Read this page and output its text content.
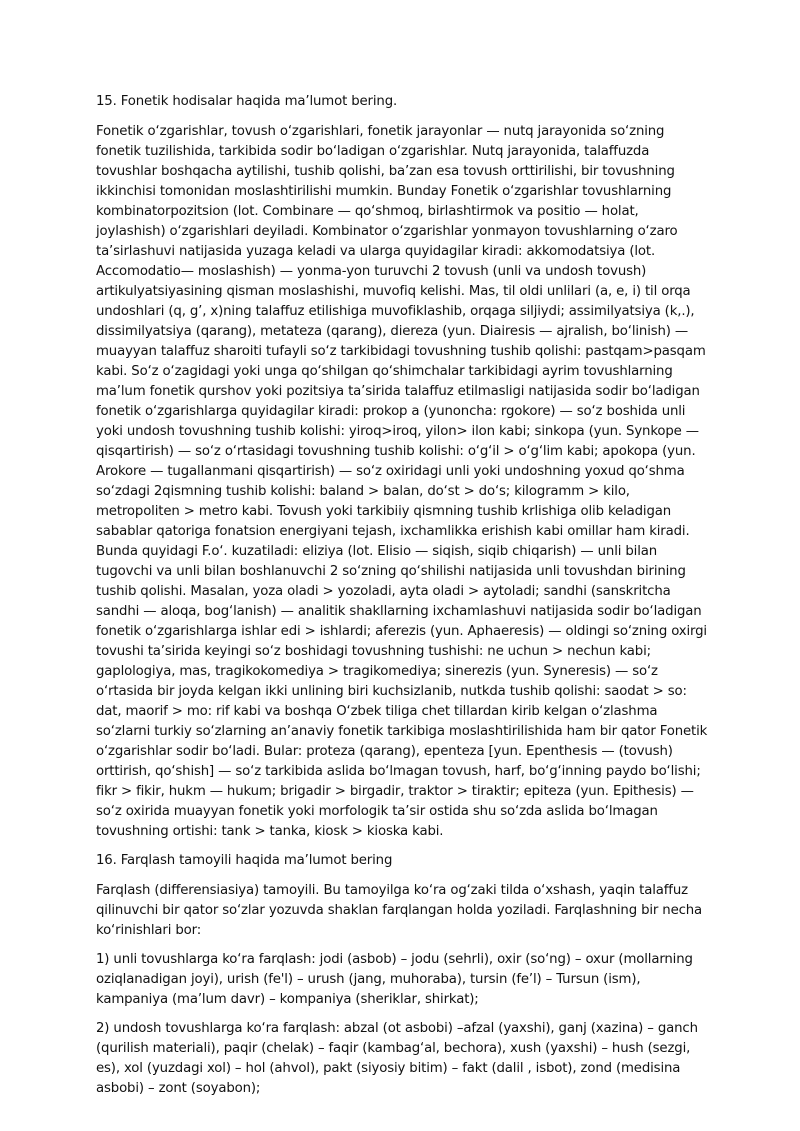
15. Fonetik hodisalar haqida ma’lumot bering.

Fonetik o‘zgarishlar, tovush o‘zgarishlari, fonetik jarayonlar — nutq jarayonida so‘zning fonetik tuzilishida, tarkibida sodir bo‘ladigan o‘zgarishlar. Nutq jarayonida, talaffuzda tovushlar boshqacha aytilishi, tushib qolishi, ba’zan esa tovush orttirilishi, bir tovushning ikkinchisi tomonidan moslashtirilishi mumkin. Bunday Fonetik o‘zgarishlar tovushlarning kombinatorpozitsion (lot. Combinare — qo‘shmoq, birlashtirmok va positio — holat, joylashish) o‘zgarishlari deyiladi. Kombinator o‘zgarishlar yonmayon tovushlarning o‘zaro ta’sirlashuvi natijasida yuzaga keladi va ularga quyidagilar kiradi: akkomodatsiya (lot. Accomodatio— moslashish) — yonma-yon turuvchi 2 tovush (unli va undosh tovush) artikulyatsiyasining qisman moslashishi, muvofiq kelishi. Mas, til oldi unlilari (a, e, i) til orqa undoshlari (q, g’, x)ning talaffuz etilishiga muvofiklashib, orqaga siljiydi; assimilyatsiya (k,.), dissimilyatsiya (qarang), metateza (qarang), diereza (yun. Diairesis — ajralish, bo‘linish) — muayyan talaffuz sharoiti tufayli so‘z tarkibidagi tovushning tushib qolishi: pastqam>pasqam kabi. So‘z o‘zagidagi yoki unga qo‘shilgan qo‘shimchalar tarkibidagi ayrim tovushlarning ma’lum fonetik qurshov yoki pozitsiya ta’sirida talaffuz etilmasligi natijasida sodir bo‘ladigan fonetik o‘zgarishlarga quyidagilar kiradi: prokop a (yunoncha: rgokore) — so‘z boshida unli yoki undosh tovushning tushib kolishi: yiroq>iroq, yilon> ilon kabi; sinkopa (yun. Synkope — qisqartirish) — so‘z o‘rtasidagi tovushning tushib kolishi: o‘g‘il > o‘g‘lim kabi; apokopa (yun. Arokore — tugallanmani qisqartirish) — so‘z oxiridagi unli yoki undoshning yoxud qo‘shma so‘zdagi 2qismning tushib kolishi: baland > balan, do‘st > do‘s; kilogramm > kilo, metropoliten > metro kabi. Tovush yoki tarkibiiy qismning tushib krlishiga olib keladigan sabablar qatoriga fonatsion energiyani tejash, ixchamlikka erishish kabi omillar ham kiradi. Bunda quyidagi F.o‘. kuzatiladi: eliziya (lot. Elisio — siqish, siqib chiqarish) — unli bilan tugovchi va unli bilan boshlanuvchi 2 so‘zning qo‘shilishi natijasida unli tovushdan birining tushib qolishi. Masalan, yoza oladi > yozoladi, ayta oladi > aytoladi; sandhi (sanskritcha sandhi — aloqa, bog‘lanish) — analitik shakllarning ixchamlashuvi natijasida sodir bo‘ladigan fonetik o‘zgarishlarga ishlar edi > ishlardi; aferezis (yun. Aphaeresis) — oldingi so‘zning oxirgi tovushi ta’sirida keyingi so‘z boshidagi tovushning tushishi: ne uchun > nechun kabi; gaplologiya, mas, tragikokomediya > tragikomediya; sinerezis (yun. Syneresis) — so‘z o‘rtasida bir joyda kelgan ikki unlining biri kuchsizlanib, nutkda tushib qolishi: saodat > so: dat, maorif > mo: rif kabi va boshqa O‘zbek tiliga chet tillardan kirib kelgan o‘zlashma so‘zlarni turkiy so‘zlarning an’anaviy fonetik tarkibiga moslashtirilishida ham bir qator Fonetik o‘zgarishlar sodir bo‘ladi. Bular: proteza (qarang), epenteza [yun. Epenthesis — (tovush) orttirish, qo‘shish] — so‘z tarkibida aslida bo‘lmagan tovush, harf, bo‘g‘inning paydo bo‘lishi; fikr > fikir, hukm — hukum; brigadir > birgadir, traktor > tiraktir; epiteza (yun. Epithesis) — so‘z oxirida muayyan fonetik yoki morfologik ta’sir ostida shu so‘zda aslida bo‘lmagan tovushning ortishi: tank > tanka, kiosk > kioska kabi.

16. Farqlash tamoyili haqida ma’lumot bering

Farqlash (differensiasiya) tamoyili. Bu tamoyilga ko‘ra og‘zaki tilda o‘xshash, yaqin talaffuz qilinuvchi bir qator so‘zlar yozuvda shaklan farqlangan holda yoziladi. Farqlashning bir necha ko‘rinishlari bor:

1) unli tovushlarga ko‘ra farqlash: jodi (asbob) – jodu (sehrli), oxir (so‘ng) – oxur (mollarning oziqlanadigan joyi), urish (fe'l) – urush (jang, muhoraba), tursin (fe’l) – Tursun (ism), kampaniya (ma’lum davr) – kompaniya (sheriklar, shirkat);

2) undosh tovushlarga ko‘ra farqlash: abzal (ot asbobi) –afzal (yaxshi), ganj (xazina) – ganch (qurilish materiali), paqir (chelak) – faqir (kambag‘al, bechora), xush (yaxshi) – hush (sezgi, es), xol (yuzdagi xol) – hol (ahvol), pakt (siyosiy bitim) – fakt (dalil , isbot), zond (medisina asbobi) – zont (soyabon);
